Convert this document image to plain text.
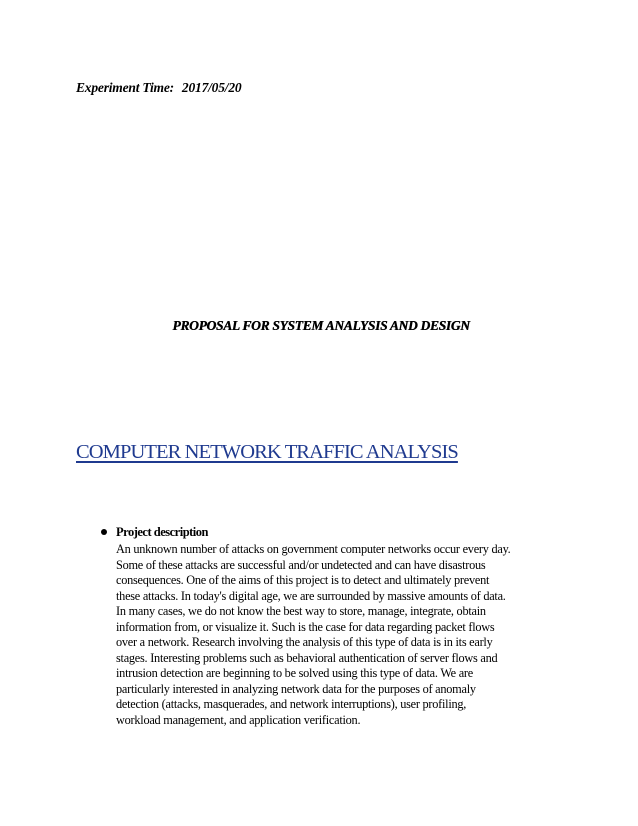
Experiment Time: 2017/05/20
PROPOSAL FOR SYSTEM ANALYSIS AND DESIGN
COMPUTER NETWORK TRAFFIC ANALYSIS
Project description
An unknown number of attacks on government computer networks occur every day.
Some of these attacks are successful and/or undetected and can have disastrous
consequences. One of the aims of this project is to detect and ultimately prevent
these attacks. In today's digital age, we are surrounded by massive amounts of data.
In many cases, we do not know the best way to store, manage, integrate, obtain
information from, or visualize it. Such is the case for data regarding packet flows
over a network. Research involving the analysis of this type of data is in its early
stages. Interesting problems such as behavioral authentication of server flows and
intrusion detection are beginning to be solved using this type of data. We are
particularly interested in analyzing network data for the purposes of anomaly
detection (attacks, masquerades, and network interruptions), user profiling,
workload management, and application verification.
